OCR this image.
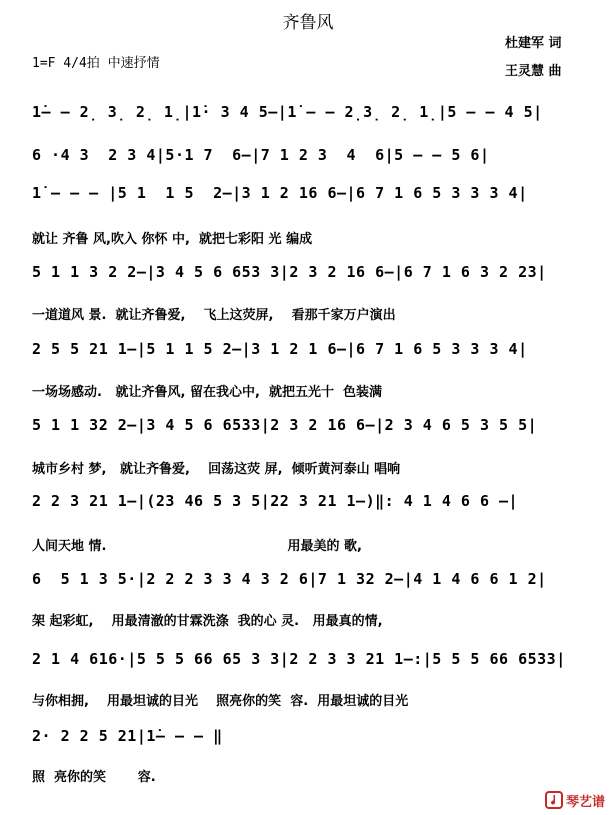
齐鲁风
杜建军 词
王灵慧 曲
1=F 4/4拍 中速抒情
1̇— — 2̣ 3̣ 2̣ 1̣|1̇· 3 4 5—|1̇ — — 2̣3̣ 2̣ 1̣|5 — — 4 5|
6 ·4 3  2 3 4|5·1 7  6—|7 1 2 3  4  6|5 — — 5 6|
1̇ — — — |5 1  1 5  2—|3 1 2 16 6—|6 7 1 6 5 3 3 3 4|
就让 齐鲁 风,吹入 你怀 中,  就把七彩阳 光 编成
5 1 1 3 2 2—|3 4 5 6 653 3|2 3 2 16 6—|6 7 1 6 3 2 23|
一道道风 景.  就让齐鲁爱,    飞上这荧屏,    看那千家万户演出
2 5 5 21 1—|5 1 1 5 2—|3 1 2 1 6—|6 7 1 6 5 3 3 3 4|
一场场感动.   就让齐鲁风, 留在我心中,  就把五光十  色装满
5 1 1 32 2—|3 4 5 6 6533|2 3 2 16 6—|2 3 4 6 5 3 5 5|
城市乡村 梦,   就让齐鲁爱,    回荡这荧 屏,  倾听黄河泰山 唱响
2 2 3 21 1—|(23 46 5 3 5|22 3 21 1—)‖: 4 1 4 6 6 —|
人间天地 情.                                        用最美的 歌,
6  5 1 3 5·|2 2 2 3 3 4 3 2 6|7 1 32 2—|4 1 4 6 6 1 2|
架 起彩虹,    用最清澈的甘霖洗涤  我的心 灵.   用最真的情,
2 1 4 616·|5 5 5 66 65 3 3|2 2 3 3 21 1—:|5 5 5 66 6533|
与你相拥,    用最坦诚的目光    照亮你的笑  容.  用最坦诚的目光
2· 2 2 5 21|1̇— — — ‖
照  亮你的笑       容.
琴艺谱
